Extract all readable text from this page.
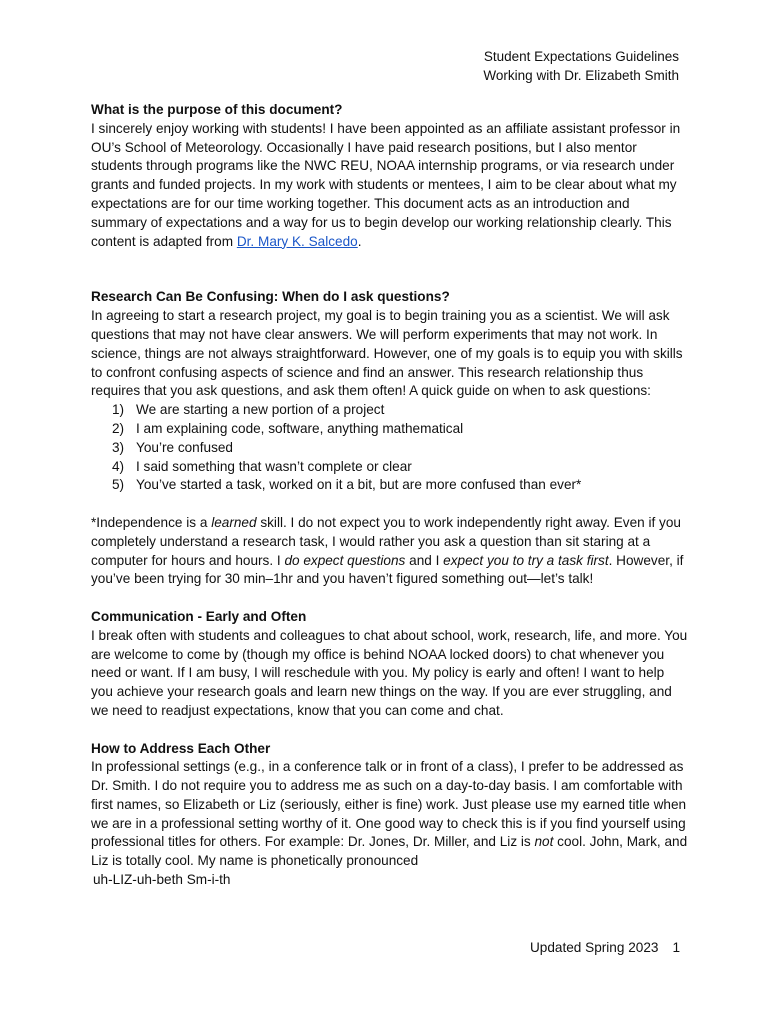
Student Expectations Guidelines
Working with Dr. Elizabeth Smith
What is the purpose of this document?

I sincerely enjoy working with students! I have been appointed as an affiliate assistant professor in OU’s School of Meteorology. Occasionally I have paid research positions, but I also mentor students through programs like the NWC REU, NOAA internship programs, or via research under grants and funded projects. In my work with students or mentees, I aim to be clear about what my expectations are for our time working together. This document acts as an introduction and summary of expectations and a way for us to begin develop our working relationship clearly. This content is adapted from Dr. Mary K. Salcedo.

Research Can Be Confusing: When do I ask questions?

In agreeing to start a research project, my goal is to begin training you as a scientist. We will ask questions that may not have clear answers. We will perform experiments that may not work. In science, things are not always straightforward. However, one of my goals is to equip you with skills to confront confusing aspects of science and find an answer. This research relationship thus requires that you ask questions, and ask them often! A quick guide on when to ask questions:

1) We are starting a new portion of a project
2) I am explaining code, software, anything mathematical
3) You’re confused
4) I said something that wasn’t complete or clear
5) You’ve started a task, worked on it a bit, but are more confused than ever*

*Independence is a learned skill. I do not expect you to work independently right away. Even if you completely understand a research task, I would rather you ask a question than sit staring at a computer for hours and hours. I do expect questions and I expect you to try a task first. However, if you’ve been trying for 30 min–1hr and you haven’t figured something out—let’s talk!

Communication - Early and Often

I break often with students and colleagues to chat about school, work, research, life, and more. You are welcome to come by (though my office is behind NOAA locked doors) to chat whenever you need or want. If I am busy, I will reschedule with you. My policy is early and often! I want to help you achieve your research goals and learn new things on the way. If you are ever struggling, and we need to readjust expectations, know that you can come and chat.

How to Address Each Other

In professional settings (e.g., in a conference talk or in front of a class), I prefer to be addressed as Dr. Smith. I do not require you to address me as such on a day-to-day basis. I am comfortable with first names, so Elizabeth or Liz (seriously, either is fine) work. Just please use my earned title when we are in a professional setting worthy of it. One good way to check this is if you find yourself using professional titles for others. For example: Dr. Jones, Dr. Miller, and Liz is not cool. John, Mark, and Liz is totally cool. My name is phonetically pronounced

uh-LIZ-uh-beth Sm-i-th

Updated Spring 2023 1
